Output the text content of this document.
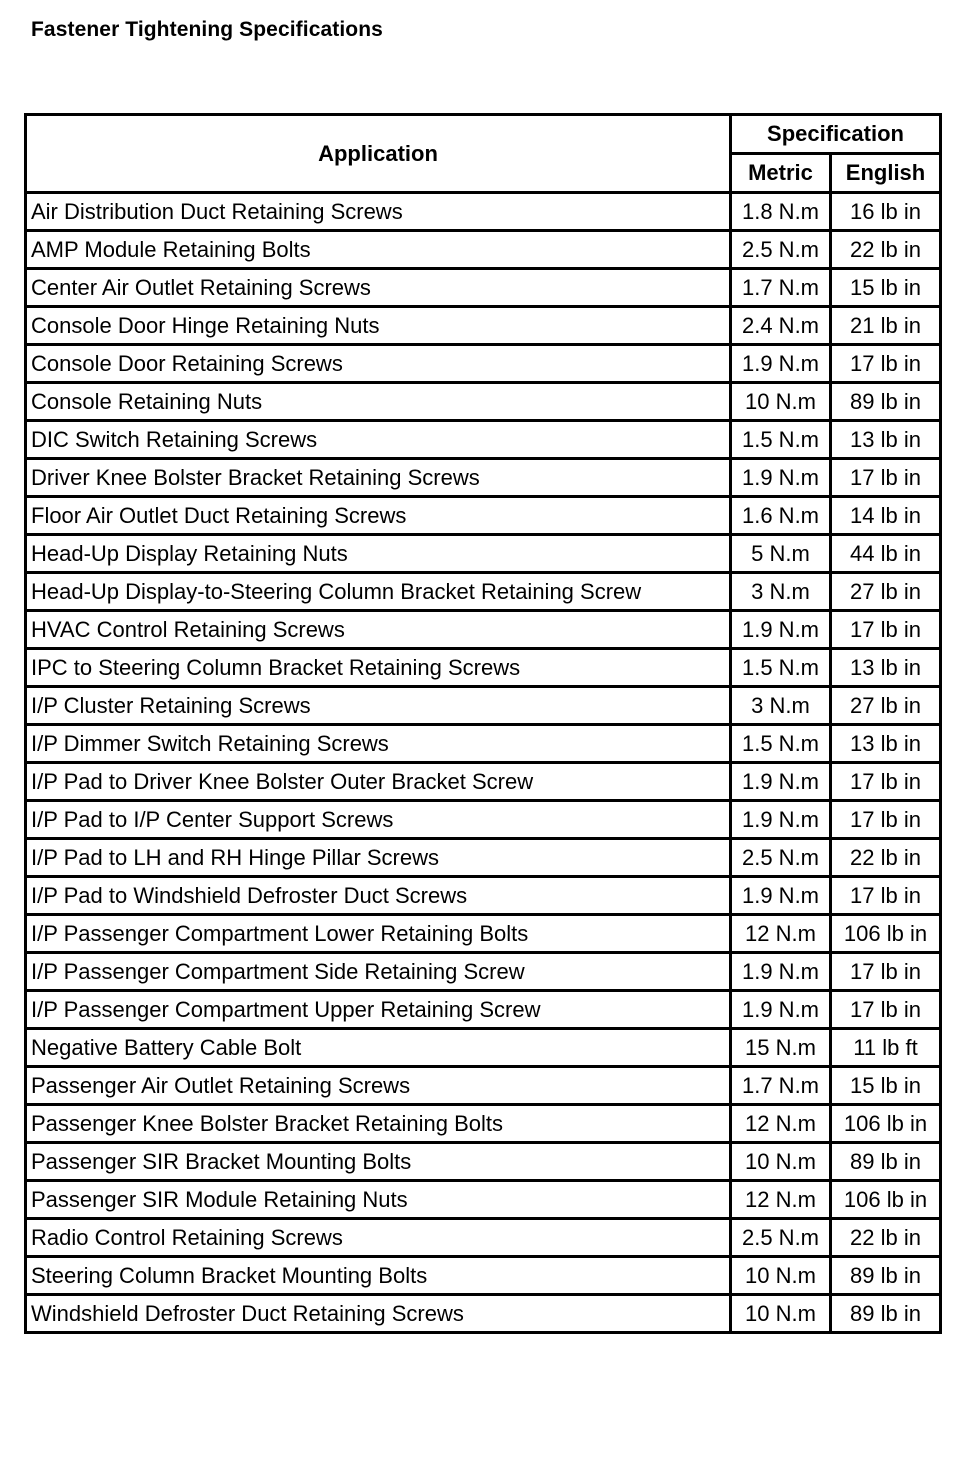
Fastener Tightening Specifications
Application	Specification	
	Metric	English
Air Distribution Duct Retaining Screws	1.8 N.m	16 lb in
AMP Module Retaining Bolts	2.5 N.m	22 lb in
Center Air Outlet Retaining Screws	1.7 N.m	15 lb in
Console Door Hinge Retaining Nuts	2.4 N.m	21 lb in
Console Door Retaining Screws	1.9 N.m	17 lb in
Console Retaining Nuts	10 N.m	89 lb in
DIC Switch Retaining Screws	1.5 N.m	13 lb in
Driver Knee Bolster Bracket Retaining Screws	1.9 N.m	17 lb in
Floor Air Outlet Duct Retaining Screws	1.6 N.m	14 lb in
Head-Up Display Retaining Nuts	5 N.m	44 lb in
Head-Up Display-to-Steering Column Bracket Retaining Screw	3 N.m	27 lb in
HVAC Control Retaining Screws	1.9 N.m	17 lb in
IPC to Steering Column Bracket Retaining Screws	1.5 N.m	13 lb in
I/P Cluster Retaining Screws	3 N.m	27 lb in
I/P Dimmer Switch Retaining Screws	1.5 N.m	13 lb in
I/P Pad to Driver Knee Bolster Outer Bracket Screw	1.9 N.m	17 lb in
I/P Pad to I/P Center Support Screws	1.9 N.m	17 lb in
I/P Pad to LH and RH Hinge Pillar Screws	2.5 N.m	22 lb in
I/P Pad to Windshield Defroster Duct Screws	1.9 N.m	17 lb in
I/P Passenger Compartment Lower Retaining Bolts	12 N.m	106 lb in
I/P Passenger Compartment Side Retaining Screw	1.9 N.m	17 lb in
I/P Passenger Compartment Upper Retaining Screw	1.9 N.m	17 lb in
Negative Battery Cable Bolt	15 N.m	11 lb ft
Passenger Air Outlet Retaining Screws	1.7 N.m	15 lb in
Passenger Knee Bolster Bracket Retaining Bolts	12 N.m	106 lb in
Passenger SIR Bracket Mounting Bolts	10 N.m	89 lb in
Passenger SIR Module Retaining Nuts	12 N.m	106 lb in
Radio Control Retaining Screws	2.5 N.m	22 lb in
Steering Column Bracket Mounting Bolts	10 N.m	89 lb in
Windshield Defroster Duct Retaining Screws	10 N.m	89 lb in
